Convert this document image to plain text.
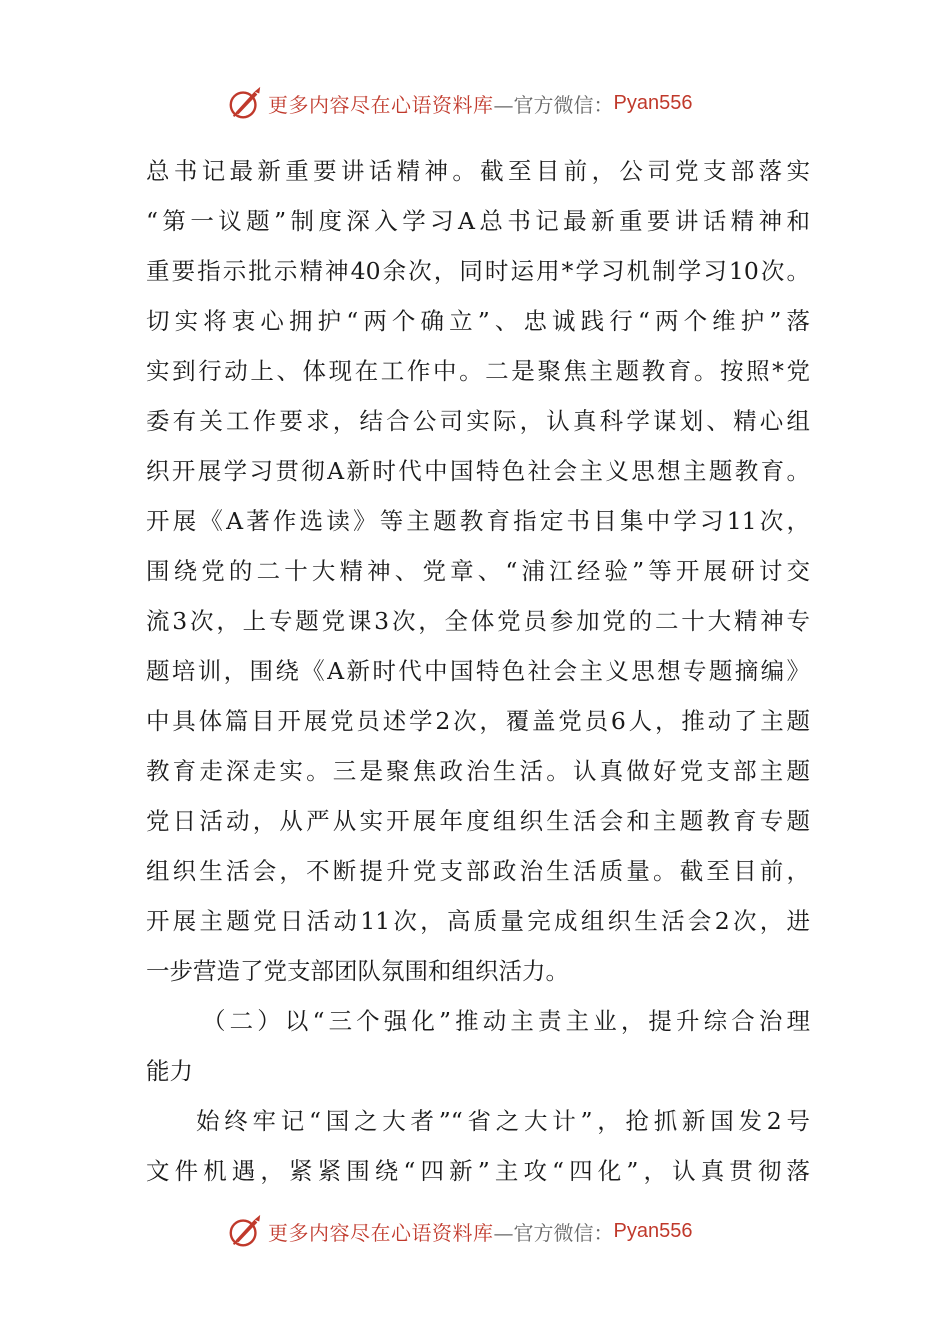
更多内容尽在心语资料库 —官方微信： Pyan556
总书记最新重要讲话精神。截至目前，公司党支部落实
“第一议题”制度深入学习A总书记最新重要讲话精神和
重要指示批示精神40余次，同时运用*学习机制学习10次。
切实将衷心拥护“两个确立”、忠诚践行“两个维护”落
实到行动上、体现在工作中。二是聚焦主题教育。按照*党
委有关工作要求，结合公司实际，认真科学谋划、精心组
织开展学习贯彻A新时代中国特色社会主义思想主题教育。
开展《A著作选读》等主题教育指定书目集中学习11次，
围绕党的二十大精神、党章、“浦江经验”等开展研讨交
流3次，上专题党课3次，全体党员参加党的二十大精神专
题培训，围绕《A新时代中国特色社会主义思想专题摘编》
中具体篇目开展党员述学2次，覆盖党员6人，推动了主题
教育走深走实。三是聚焦政治生活。认真做好党支部主题
党日活动，从严从实开展年度组织生活会和主题教育专题
组织生活会，不断提升党支部政治生活质量。截至目前，
开展主题党日活动11次，高质量完成组织生活会2次，进
一步营造了党支部团队氛围和组织活力。
（二）以“三个强化”推动主责主业，提升综合治理
能力
始终牢记“国之大者”“省之大计”，抢抓新国发2号
文件机遇，紧紧围绕“四新”主攻“四化”，认真贯彻落
更多内容尽在心语资料库 —官方微信： Pyan556
